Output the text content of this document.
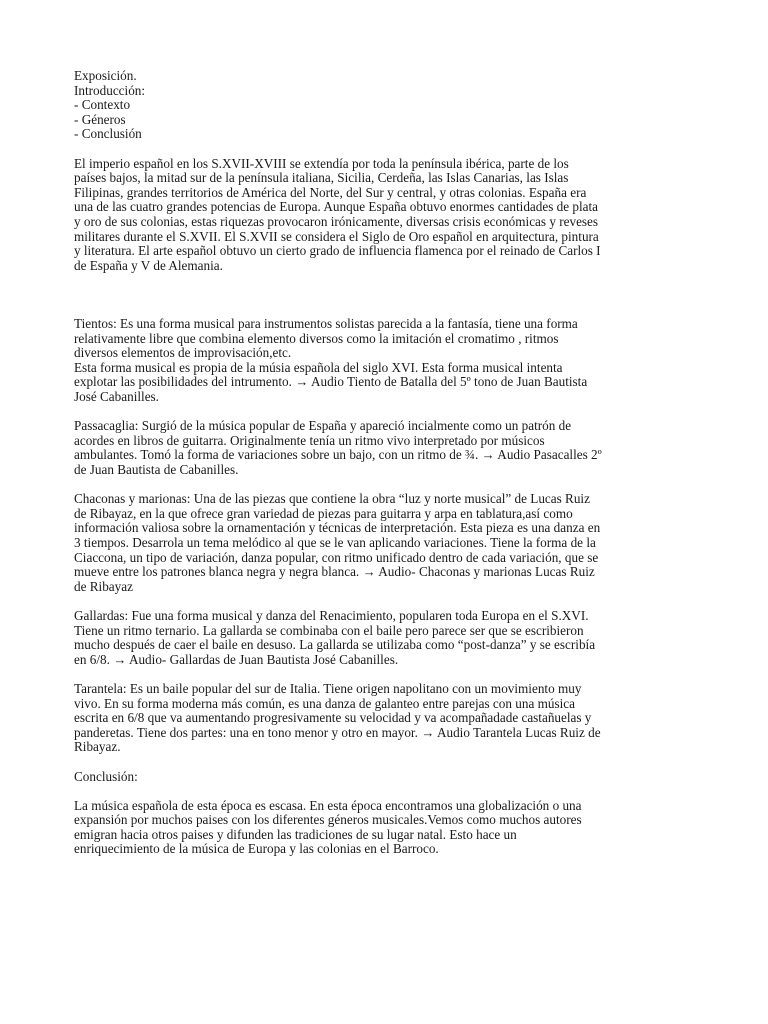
Exposición.
Introducción:
- Contexto
- Géneros
- Conclusión
El imperio español en los S.XVII-XVIII se extendía por toda la península ibérica, parte de los
países bajos, la mitad sur de la península italiana, Sicilia, Cerdeña, las Islas Canarias, las Islas
Filipinas, grandes territorios de América del Norte, del Sur y central, y otras colonias. España era
una de las cuatro grandes potencias de Europa. Aunque España obtuvo enormes cantidades de plata
y oro de sus colonias, estas riquezas provocaron irónicamente, diversas crisis económicas y reveses
militares durante el S.XVII. El S.XVII se considera el Siglo de Oro español en arquitectura, pintura
y literatura. El arte español obtuvo un cierto grado de influencia flamenca por el reinado de Carlos I
de España y V de Alemania.
Tientos: Es una forma musical para instrumentos solistas parecida a la fantasía, tiene una forma
relativamente libre que combina elemento diversos como la imitación el cromatimo , ritmos
diversos elementos de improvisación,etc.
Esta forma musical es propia de la músia española del siglo XVI. Esta forma musical intenta
explotar las posibilidades del intrumento. → Audio Tiento de Batalla del 5º tono de Juan Bautista
José Cabanilles.
Passacaglia: Surgió de la música popular de España y apareció incialmente como un patrón de
acordes en libros de guitarra. Originalmente tenía un ritmo vivo interpretado por músicos
ambulantes. Tomó la forma de variaciones sobre un bajo, con un ritmo de ¾. → Audio Pasacalles 2º
de Juan Bautista de Cabanilles.
Chaconas y marionas: Una de las piezas que contiene la obra “luz y norte musical” de Lucas Ruiz
de Ribayaz, en la que ofrece gran variedad de piezas para guitarra y arpa en tablatura,así como
información valiosa sobre la ornamentación y técnicas de interpretación. Esta pieza es una danza en
3 tiempos. Desarrola un tema melódico al que se le van aplicando variaciones. Tiene la forma de la
Ciaccona, un tipo de variación, danza popular, con ritmo unificado dentro de cada variación, que se
mueve entre los patrones blanca negra y negra blanca. → Audio- Chaconas y marionas Lucas Ruiz
de Ribayaz
Gallardas: Fue una forma musical y danza del Renacimiento, popularen toda Europa en el S.XVI.
Tiene un ritmo ternario. La gallarda se combinaba con el baile pero parece ser que se escribieron
mucho después de caer el baile en desuso. La gallarda se utilizaba como “post-danza” y se escribía
en 6/8. → Audio- Gallardas de Juan Bautista José Cabanilles.
Tarantela: Es un baile popular del sur de Italia. Tiene origen napolitano con un movimiento muy
vivo. En su forma moderna más común, es una danza de galanteo entre parejas con una música
escrita en 6/8 que va aumentando progresivamente su velocidad y va acompañadade castañuelas y
panderetas. Tiene dos partes: una en tono menor y otro en mayor. → Audio Tarantela Lucas Ruiz de
Ribayaz.
Conclusión:
La música española de esta época es escasa. En esta época encontramos una globalización o una
expansión por muchos paises con los diferentes géneros musicales.Vemos como muchos autores
emigran hacia otros paises y difunden las tradiciones de su lugar natal. Esto hace un
enriquecimiento de la música de Europa y las colonias en el Barroco.
